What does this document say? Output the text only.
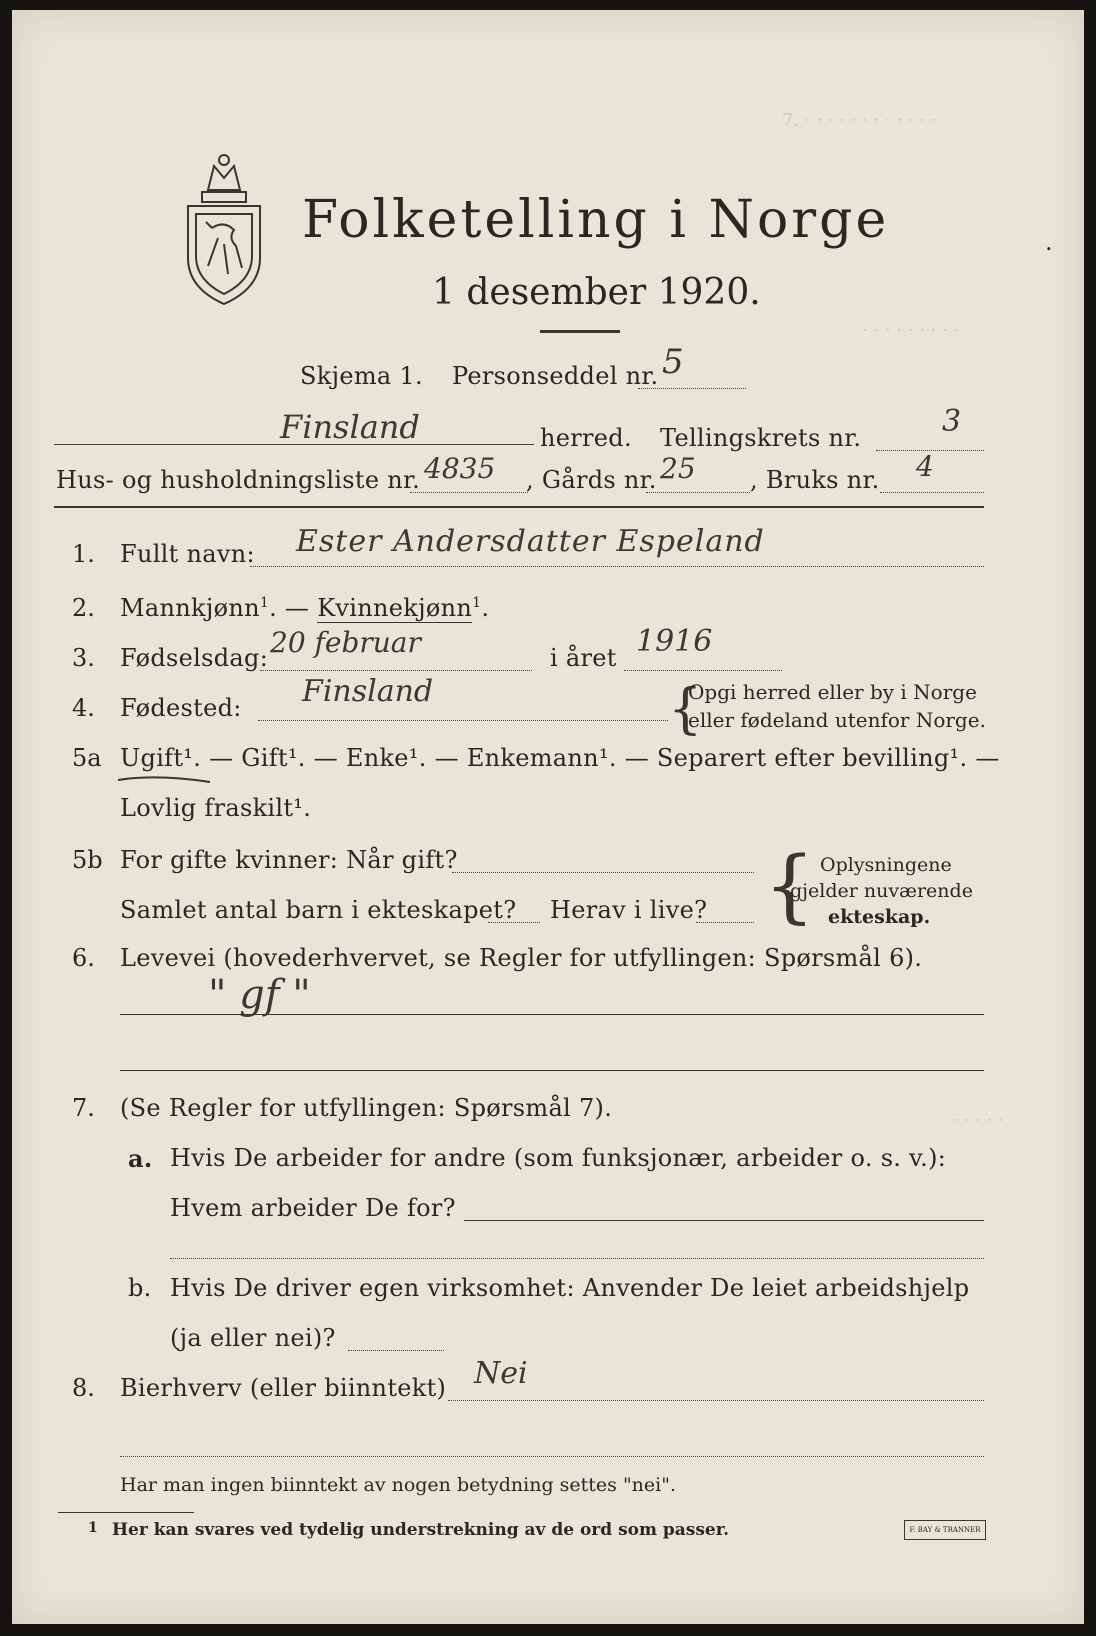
Folketelling i Norge
1 desember 1920.
.
7. · · · · · · · · · · · ·
· · · · · · · · ·
· · · · ·
Skjema 1. Personseddel nr. 5
Finsland	herred. Tellingskrets nr.	3
Hus- og husholdningsliste nr. 4835 , Gårds nr. 25 , Bruks nr. 4
1. Fullt navn: Ester Andersdatter Espeland
2. Mannkjønn$^1$. — Kvinnekjønn$^1$.
3. Fødselsdag: 20 februar	i året 1916
4. Fødested: Finsland	{
Opgi herred eller by i Norge
eller fødeland utenfor Norge.
5a Ugift¹. — Gift¹. — Enke¹. — Enkemann¹. — Separert efter bevilling¹. —
Lovlig fraskilt¹.
5b For gifte kvinner: Når gift?
Samlet antal barn i ekteskapet? Herav i live? { Oplysningene
gjelder nuværende
ekteskap.
6. Levevei (hovederhvervet, se Regler for utfyllingen: Spørsmål 6).
" gf "
7. (Se Regler for utfyllingen: Spørsmål 7).
a. Hvis De arbeider for andre (som funksjonær, arbeider o. s. v.):
Hvem arbeider De for?
b. Hvis De driver egen virksomhet: Anvender De leiet arbeidshjelp
(ja eller nei)?
8. Bierhverv (eller biinntekt) Nei
Har man ingen biinntekt av nogen betydning settes "nei".
1 Her kan svares ved tydelig understrekning av de ord som passer.	F. BAY & TRANNER
